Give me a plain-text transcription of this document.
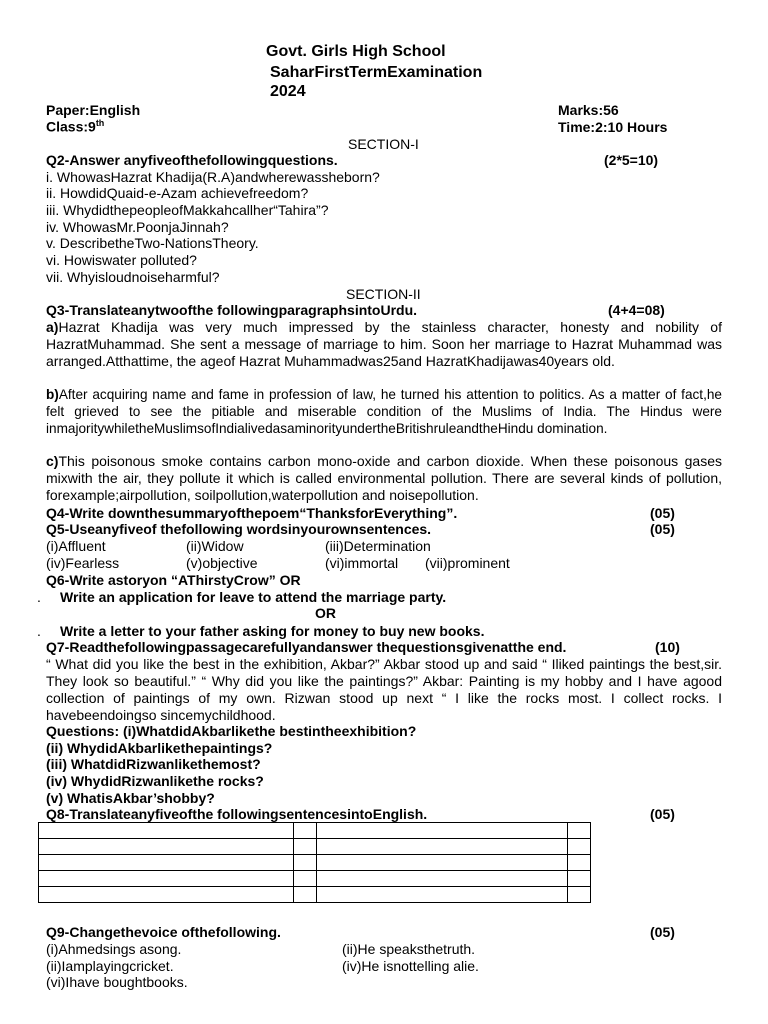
Govt. Girls High School
SaharFirstTermExamination
2024
Paper:English
Class:9th
Marks:56
Time:2:10 Hours
SECTION-I
Q2-Answer anyfiveofthefollowingquestions.	(2*5=10)
i. WhowasHazrat Khadija(R.A)andwherewassheborn?
ii. HowdidQuaid-e-Azam achievefreedom?
iii. WhydidthepeopleofMakkahcallher“Tahira”?
iv. WhowasMr.PoonjaJinnah?
v. DescribetheTwo-NationsTheory.
vi. Howiswater polluted?
vii. Whyisloudnoiseharmful?
SECTION-II
Q3-Translateanytwoofthe followingparagraphsintoUrdu.	(4+4=08)
a)Hazrat Khadija was very much impressed by the stainless character, honesty and nobility of HazratMuhammad. She sent a message of marriage to him. Soon her marriage to Hazrat Muhammad was arranged.Atthattime, the ageof Hazrat Muhammadwas25and HazratKhadijawas40years old.
b)After acquiring name and fame in profession of law, he turned his attention to politics. As a matter of fact,he felt grieved to see the pitiable and miserable condition of the Muslims of India. The Hindus were inmajoritywhiletheMuslimsofIndialivedasaminorityundertheBritishruleandtheHindu domination.
c)This poisonous smoke contains carbon mono-oxide and carbon dioxide. When these poisonous gases mixwith the air, they pollute it which is called environmental pollution. There are several kinds of pollution, forexample;airpollution, soilpollution,waterpollution and noisepollution.
Q4-Write downthesummaryofthepoem“ThanksforEverything”.	(05)
Q5-Useanyfiveof thefollowing wordsinyourownsentences.	(05)
(i)Affluent	(ii)Widow	(iii)Determination
(iv)Fearless	(v)objective	(vi)immortal (vii)prominent
Q6-Write astoryon “AThirstyCrow” OR
. Write an application for leave to attend the marriage party.
OR
. Write a letter to your father asking for money to buy new books.
Q7-Readthefollowingpassagecarefullyandanswer thequestionsgivenatthe end.	(10)
“ What did you like the best in the exhibition, Akbar?” Akbar stood up and said “ Iliked paintings the best,sir. They look so beautiful.” “ Why did you like the paintings?” Akbar: Painting is my hobby and I have agood collection of paintings of my own. Rizwan stood up next “ I like the rocks most. I collect rocks. I havebeendoingso sincemychildhood.
Questions: (i)WhatdidAkbarlikethe bestintheexhibition?
(ii) WhydidAkbarlikethepaintings?
(iii) WhatdidRizwanlikethemost?
(iv) WhydidRizwanlikethe rocks?
(v) WhatisAkbar’shobby?
Q8-Translateanyfiveofthe followingsentencesintoEnglish.	(05)

Q9-Changethevoice ofthefollowing.	(05)
(i)Ahmedsings asong.	(ii)He speaksthetruth.
(ii)Iamplayingcricket.	(iv)He isnottelling alie.
(vi)Ihave boughtbooks.
